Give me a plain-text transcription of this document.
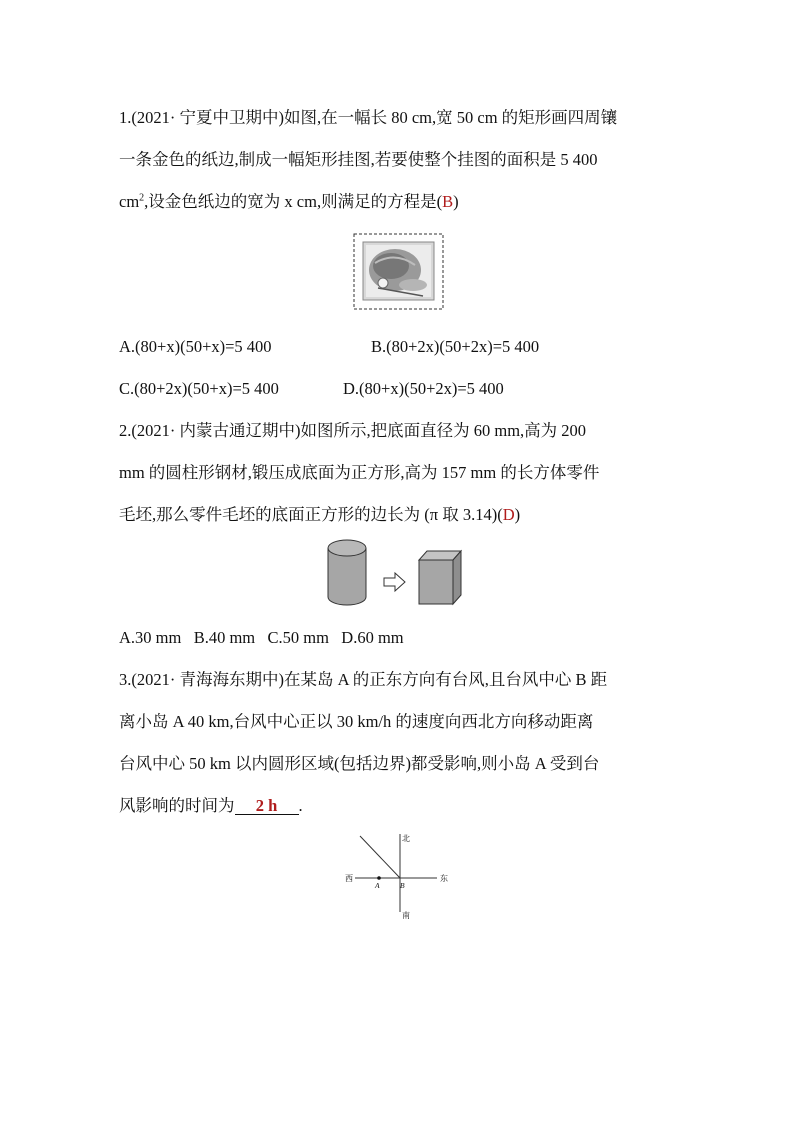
1.(2021· 宁夏中卫期中)如图,在一幅长 80 cm,宽 50 cm 的矩形画四周镶
一条金色的纸边,制成一幅矩形挂图,若要使整个挂图的面积是 5 400
$cm^2$,设金色纸边的宽为 x cm,则满足的方程是(B)
A.(80+x)(50+x)=5 400	B.(80+2x)(50+2x)=5 400
C.(80+2x)(50+x)=5 400	D.(80+x)(50+2x)=5 400
2.(2021· 内蒙古通辽期中)如图所示,把底面直径为 60 mm,高为 200
mm 的圆柱形钢材,锻压成底面为正方形,高为 157 mm 的长方体零件
毛坯,那么零件毛坯的底面正方形的边长为 (π 取 3.14)(D)
A.30 mm   B.40 mm   C.50 mm   D.60 mm
3.(2021· 青海海东期中)在某岛 A 的正东方向有台风,且台风中心 B 距
离小岛 A 40 km,台风中心正以 30 km/h 的速度向西北方向移动距离
台风中心 50 km 以内圆形区域(包括边界)都受影响,则小岛 A 受到台
风影响的时间为 2 h .
北
南
西	东
A	B
